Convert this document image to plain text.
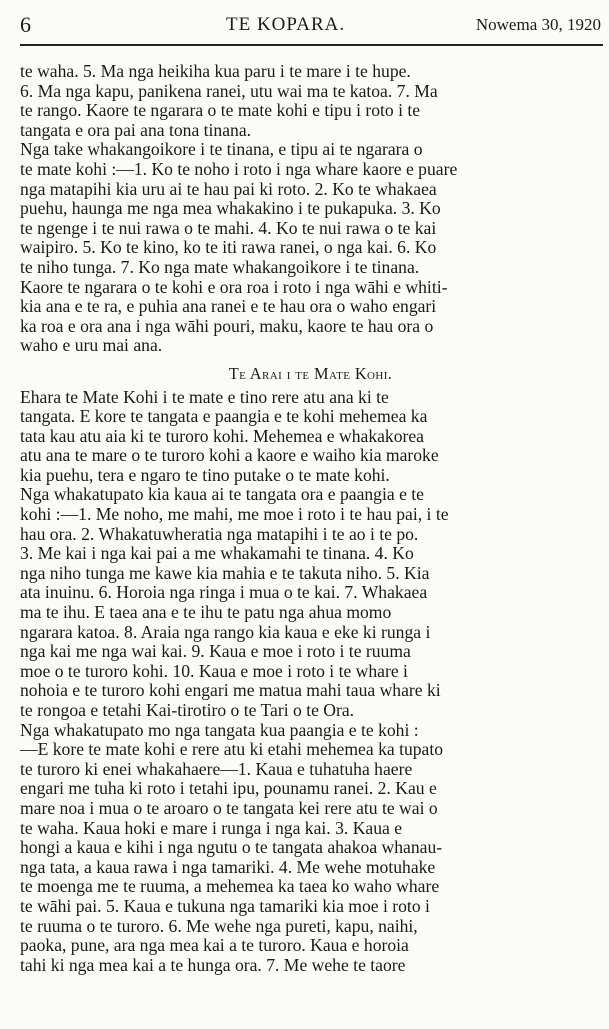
6	TE KOPARA.	Nowema 30, 1920
te waha. 5. Ma nga heikiha kua paru i te mare i te hupe.
6. Ma nga kapu, panikena ranei, utu wai ma te katoa. 7. Ma
te rango. Kaore te ngarara o te mate kohi e tipu i roto i te
tangata e ora pai ana tona tinana.
Nga take whakangoikore i te tinana, e tipu ai te ngarara o
te mate kohi :—1. Ko te noho i roto i nga whare kaore e puare
nga matapihi kia uru ai te hau pai ki roto. 2. Ko te whakaea
puehu, haunga me nga mea whakakino i te pukapuka. 3. Ko
te ngenge i te nui rawa o te mahi. 4. Ko te nui rawa o te kai
waipiro. 5. Ko te kino, ko te iti rawa ranei, o nga kai. 6. Ko
te niho tunga. 7. Ko nga mate whakangoikore i te tinana.
Kaore te ngarara o te kohi e ora roa i roto i nga wāhi e whiti-
kia ana e te ra, e puhia ana ranei e te hau ora o waho engari
ka roa e ora ana i nga wāhi pouri, maku, kaore te hau ora o
waho e uru mai ana.
Te Arai i te Mate Kohi.
Ehara te Mate Kohi i te mate e tino rere atu ana ki te
tangata. E kore te tangata e paangia e te kohi mehemea ka
tata kau atu aia ki te turoro kohi. Mehemea e whakakorea
atu ana te mare o te turoro kohi a kaore e waiho kia maroke
kia puehu, tera e ngaro te tino putake o te mate kohi.
Nga whakatupato kia kaua ai te tangata ora e paangia e te
kohi :—1. Me noho, me mahi, me moe i roto i te hau pai, i te
hau ora. 2. Whakatuwheratia nga matapihi i te ao i te po.
3. Me kai i nga kai pai a me whakamahi te tinana. 4. Ko
nga niho tunga me kawe kia mahia e te takuta niho. 5. Kia
ata inuinu. 6. Horoia nga ringa i mua o te kai. 7. Whakaea
ma te ihu. E taea ana e te ihu te patu nga ahua momo
ngarara katoa. 8. Araia nga rango kia kaua e eke ki runga i
nga kai me nga wai kai. 9. Kaua e moe i roto i te ruuma
moe o te turoro kohi. 10. Kaua e moe i roto i te whare i
nohoia e te turoro kohi engari me matua mahi taua whare ki
te rongoa e tetahi Kai-tirotiro o te Tari o te Ora.
Nga whakatupato mo nga tangata kua paangia e te kohi :
—E kore te mate kohi e rere atu ki etahi mehemea ka tupato
te turoro ki enei whakahaere—1. Kaua e tuhatuha haere
engari me tuha ki roto i tetahi ipu, pounamu ranei. 2. Kau e
mare noa i mua o te aroaro o te tangata kei rere atu te wai o
te waha. Kaua hoki e mare i runga i nga kai. 3. Kaua e
hongi a kaua e kihi i nga ngutu o te tangata ahakoa whanau-
nga tata, a kaua rawa i nga tamariki. 4. Me wehe motuhake
te moenga me te ruuma, a mehemea ka taea ko waho whare
te wāhi pai. 5. Kaua e tukuna nga tamariki kia moe i roto i
te ruuma o te turoro. 6. Me wehe nga pureti, kapu, naihi,
paoka, pune, ara nga mea kai a te turoro. Kaua e horoia
tahi ki nga mea kai a te hunga ora. 7. Me wehe te taore
